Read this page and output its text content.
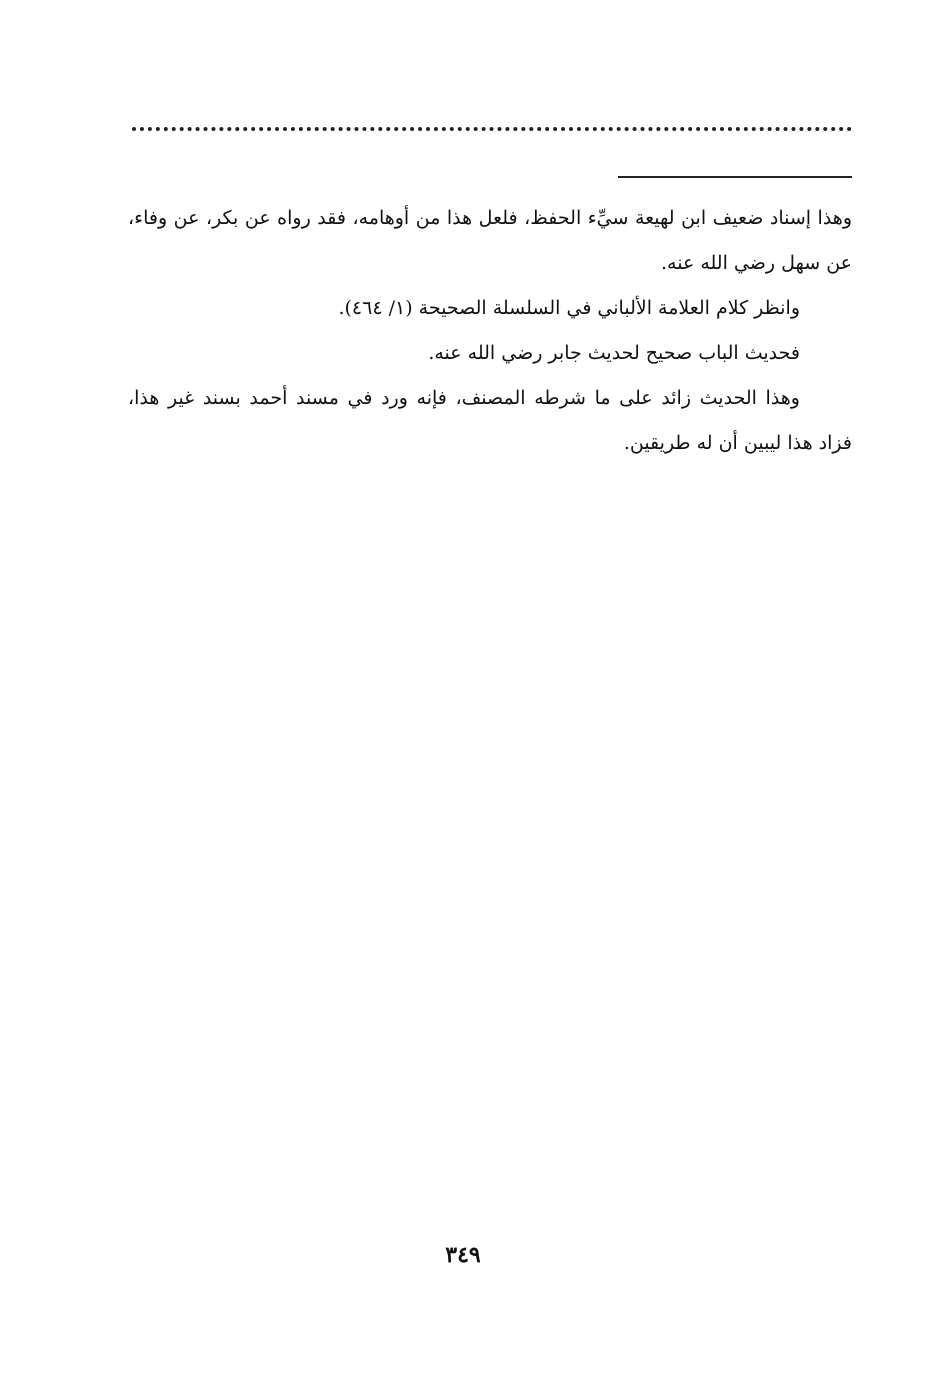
وهذا إسناد ضعيف ابن لهيعة سيِّء الحفظ، فلعل هذا من أوهامه، فقد رواه عن بكر، عن وفاء، عن سهل رضي الله عنه.

وانظر كلام العلامة الألباني في السلسلة الصحيحة (١/ ٤٦٤).

فحديث الباب صحيح لحديث جابر رضي الله عنه.

وهذا الحديث زائد على ما شرطه المصنف، فإنه ورد في مسند أحمد بسند غير هذا، فزاد هذا ليبين أن له طريقين.

٣٤٩
